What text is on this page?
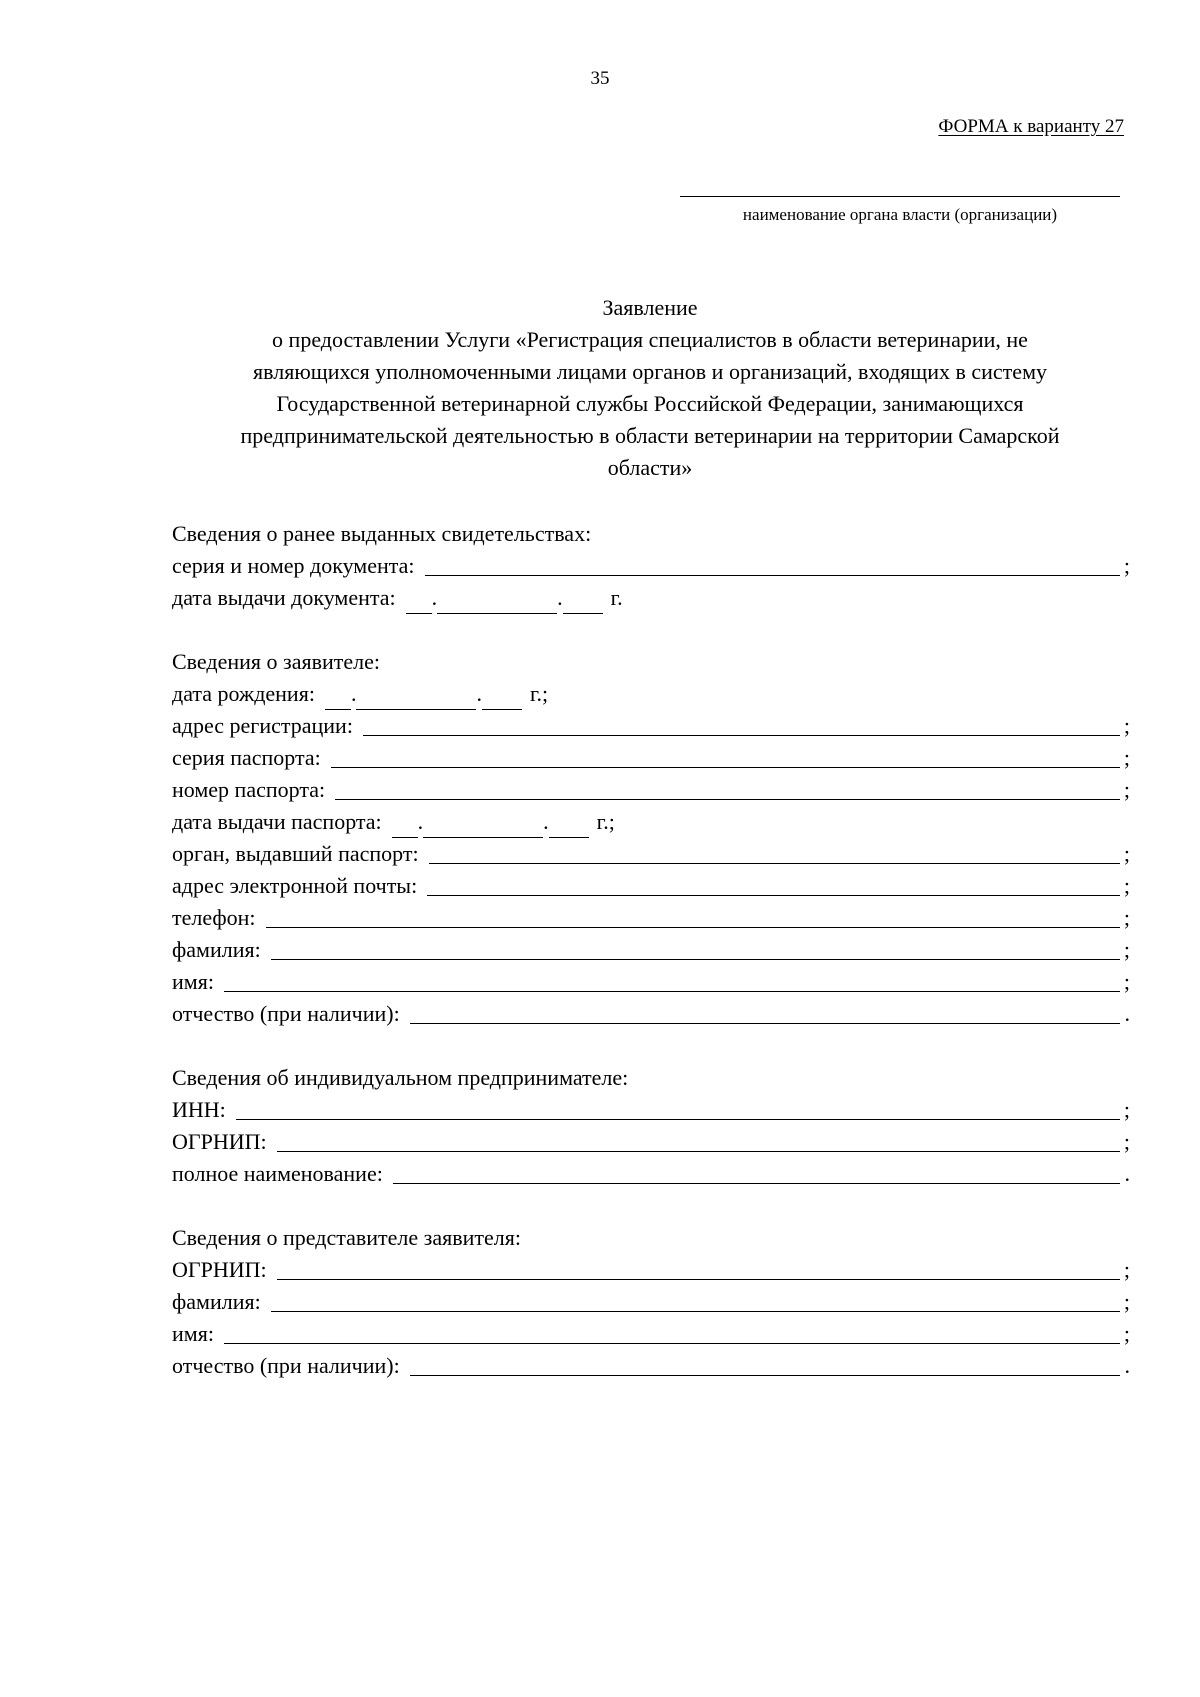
35
ФОРМА к варианту 27
наименование органа власти (организации)
Заявление
о предоставлении Услуги «Регистрация специалистов в области ветеринарии, не
являющихся уполномоченными лицами органов и организаций, входящих в систему
Государственной ветеринарной службы Российской Федерации, занимающихся
предпринимательской деятельностью в области ветеринарии на территории Самарской
области»
Сведения о ранее выданных свидетельствах:
серия и номер документа:	;
дата выдачи документа: .	. г.
Сведения о заявителе:
дата рождения: .	. г.;
адрес регистрации:	;
серия паспорта:	;
номер паспорта:	;
дата выдачи паспорта: .	. г.;
орган, выдавший паспорт:	;
адрес электронной почты:	;
телефон:	;
фамилия:	;
имя:	;
отчество (при наличии):	.
Сведения об индивидуальном предпринимателе:
ИНН:	;
ОГРНИП:	;
полное наименование:	.
Сведения о представителе заявителя:
ОГРНИП:	;
фамилия:	;
имя:	;
отчество (при наличии):	.
